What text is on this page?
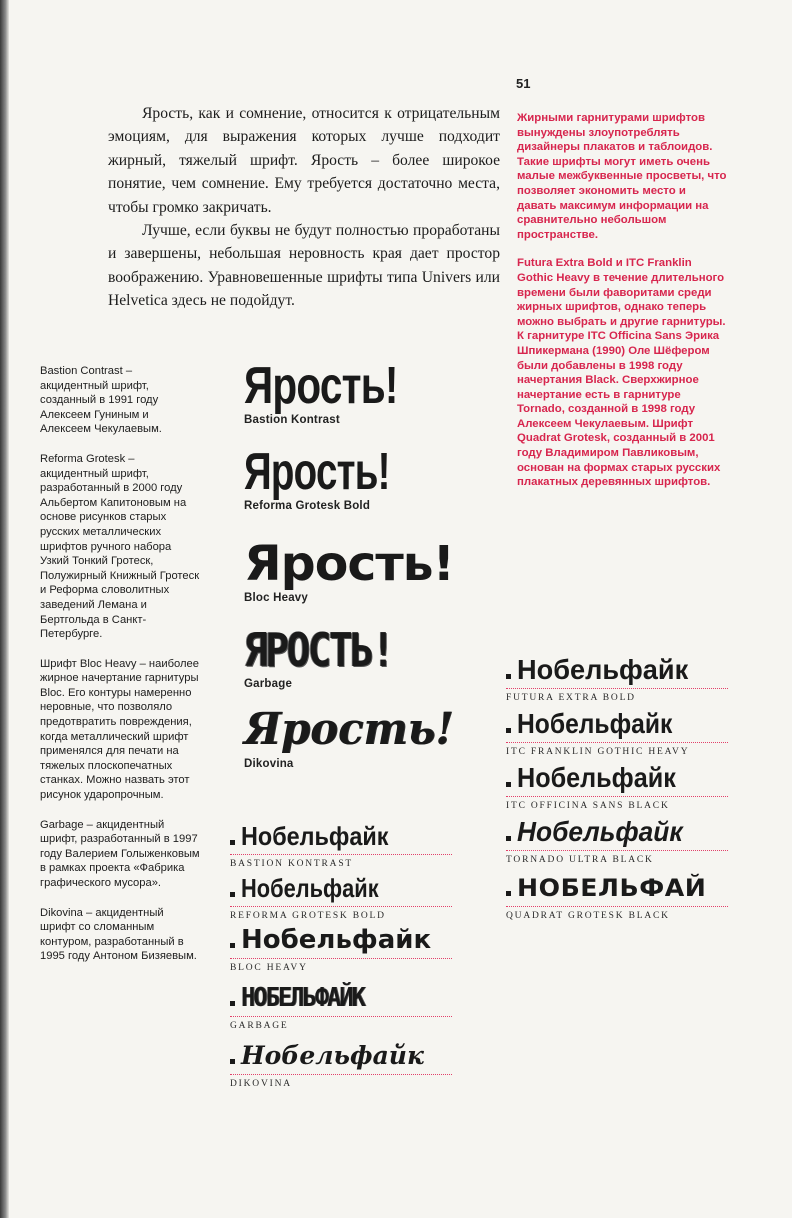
51

Ярость, как и сомнение, относится к отрицательным эмоциям, для выражения которых лучше подходит жирный, тяжелый шрифт. Ярость – более широкое понятие, чем сомнение. Ему требуется достаточно места, чтобы громко закричать.

Лучше, если буквы не будут полностью проработаны и завершены, небольшая неровность края дает простор воображению. Уравновешенные шрифты типа Univers или Helvetica здесь не подойдут.

Жирными гарнитурами шрифтов вынуждены злоупотреблять дизайнеры плакатов и таблоидов. Такие шрифты могут иметь очень малые межбуквенные просветы, что позволяет экономить место и давать максимум информации на сравнительно небольшом пространстве.

Futura Extra Bold и ITC Franklin Gothic Heavy в течение длительного времени были фаворитами среди жирных шрифтов, однако теперь можно выбрать и другие гарнитуры. К гарнитуре ITC Officina Sans Эрика Шпикермана (1990) Оле Шёфером были добавлены в 1998 году начертания Black. Сверхжирное начертание есть в гарнитуре Tornado, созданной в 1998 году Алексеем Чекулаевым. Шрифт Quadrat Grotesk, созданный в 2001 году Владимиром Павликовым, основан на формах старых русских плакатных деревянных шрифтов.

Bastion Contrast – акцидентный шрифт, созданный в 1991 году Алексеем Гуниным и Алексеем Чекулаевым.

Reforma Grotesk – акцидентный шрифт, разработанный в 2000 году Альбертом Капитоновым на основе рисунков старых русских металлических шрифтов ручного набора Узкий Тонкий Гротеск, Полужирный Книжный Гротеск и Реформа словолитных заведений Лемана и Бертгольда в Санкт-Петербурге.

Шрифт Bloc Heavy – наиболее жирное начертание гарнитуры Bloc. Его контуры намеренно неровные, что позволяло предотвратить повреждения, когда металлический шрифт применялся для печати на тяжелых плоскопечатных станках. Можно назвать этот рисунок ударопрочным.

Garbage – акцидентный шрифт, разработанный в 1997 году Валерием Голыженковым в рамках проекта «Фабрика графического мусора».

Dikovina – акцидентный шрифт со сломанным контуром, разработанный в 1995 году Антоном Бизяевым.

Ярость!
Bastion Kontrast
Ярость!
Reforma Grotesk Bold
Ярость!
Bloc Heavy
ЯРОСТЬ!
Garbage
Ярость!
Dikovina
Нобельфайк
BASTION KONTRAST
Нобельфайк
REFORMA GROTESK BOLD
Нобельфайк
BLOC HEAVY
НОБЕЛЬФАЙК
GARBAGE
Нобельфайк
DIKOVINA
Нобельфайк
FUTURA EXTRA BOLD
Нобельфайк
ITC FRANKLIN GOTHIC HEAVY
Нобельфайк
ITC OFFICINA SANS BLACK
Нобельфайк
TORNADO ULTRA BLACK
НОБЕЛЬФАЙ
QUADRAT GROTESK BLACK
